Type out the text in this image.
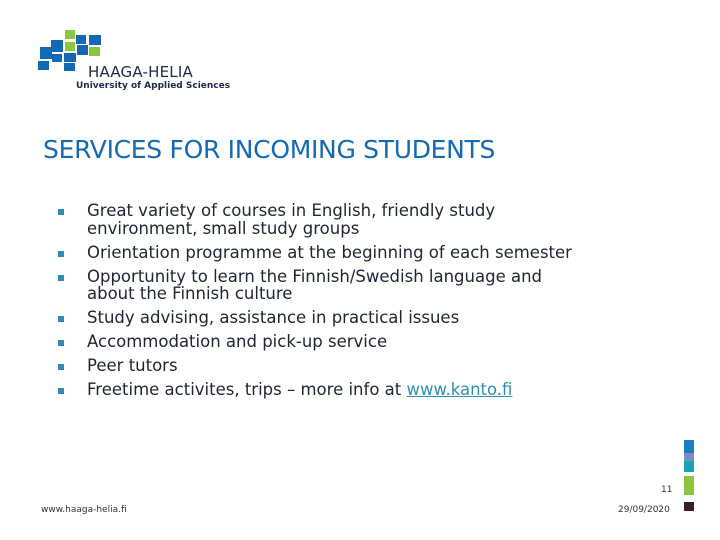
HAAGA-HELIA
University of Applied Sciences
SERVICES FOR INCOMING STUDENTS
Great variety of courses in English, friendly study environment, small study groups
Orientation programme at the beginning of each semester
Opportunity to learn the Finnish/Swedish language and about the Finnish culture
Study advising, assistance in practical issues
Accommodation and pick-up service
Peer tutors
Freetime activites, trips – more info at www.kanto.fi
11
www.haaga-helia.fi	29/09/2020
